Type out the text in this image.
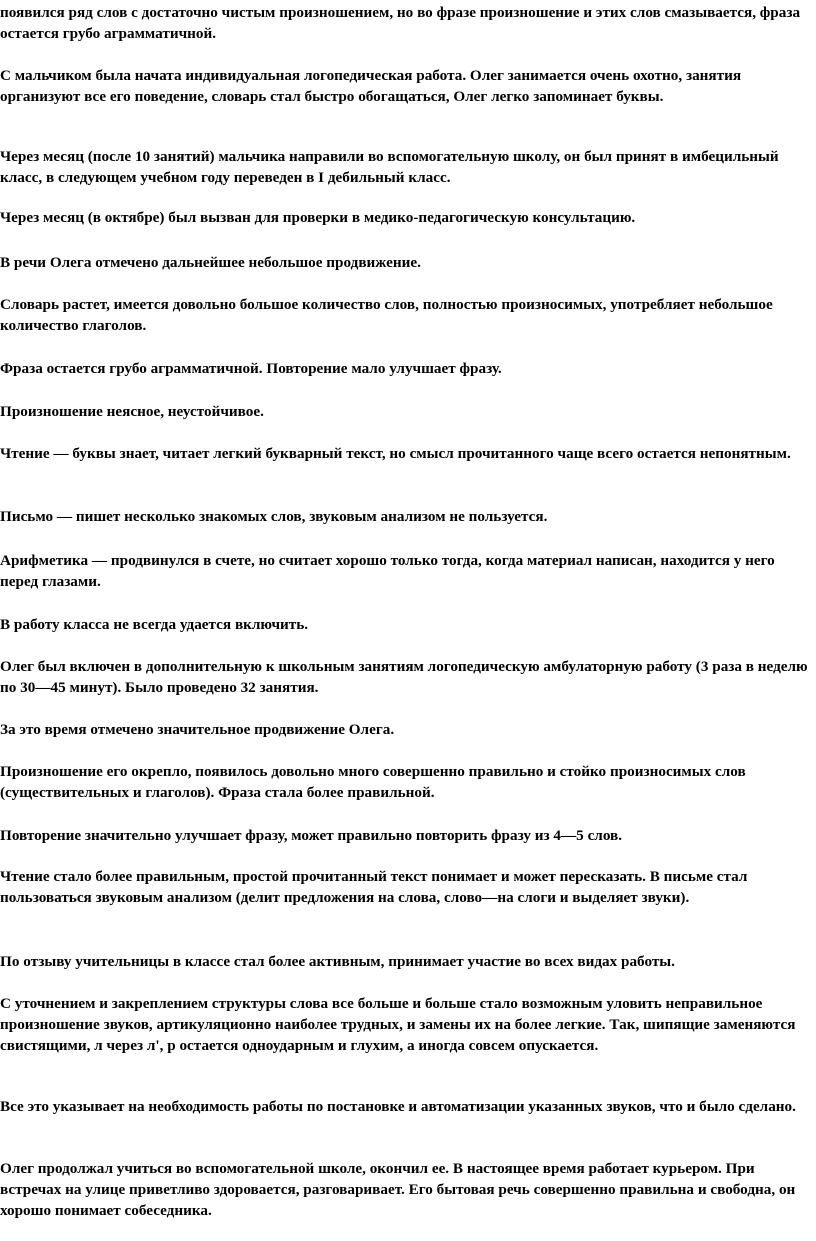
появился ряд слов с достаточно чистым произношением, но во фразе произношение и этих слов смазывается, фраза остается грубо аграмматичной.

С мальчиком была начата индивидуальная логопедическая работа. Олег занимается очень охотно, занятия организуют все его поведение, словарь стал быстро обогащаться, Олег легко запоминает буквы.

Через месяц (после 10 занятий) мальчика направили во вспомогательную школу, он был принят в имбецильный класс, в следующем учебном году переведен в I дебильный класс.

Через месяц (в октябре) был вызван для проверки в медико-педагогическую консультацию.

В речи Олега отмечено дальнейшее небольшое продвижение.

Словарь растет, имеется довольно большое количество слов, полностью произносимых, употребляет небольшое количество глаголов.

Фраза остается грубо аграмматичной. Повторение мало улучшает фразу.

Произношение неясное, неустойчивое.

Чтение — буквы знает, читает легкий букварный текст, но смысл прочитанного чаще всего остается непонятным.

Письмо — пишет несколько знакомых слов, звуковым анализом не пользуется.

Арифметика — продвинулся в счете, но считает хорошо только тогда, когда материал написан, находится у него перед глазами.

В работу класса не всегда удается включить.

Олег был включен в дополнительную к школьным занятиям логопедическую амбулаторную работу (3 раза в неделю по 30—45 минут). Было проведено 32 занятия.

За это время отмечено значительное продвижение Олега.

Произношение его окрепло, появилось довольно много совершенно правильно и стойко произносимых слов (существительных и глаголов). Фраза стала более правильной.

Повторение значительно улучшает фразу, может правильно повторить фразу из 4—5 слов.

Чтение стало более правильным, простой прочитанный текст понимает и может пересказать. В письме стал пользоваться звуковым анализом (делит предложения на слова, слово—на слоги и выделяет звуки).

По отзыву учительницы в классе стал более активным, принимает участие во всех видах работы.

С уточнением и закреплением структуры слова все больше и больше стало возможным уловить неправильное произношение звуков, артикуляционно наиболее трудных, и замены их на более легкие. Так, шипящие заменяются свистящими, л через л', р остается одноударным и глухим, а иногда совсем опускается.

Все это указывает на необходимость работы по постановке и автоматизации указанных звуков, что и было сделано.

Олег продолжал учиться во вспомогательной школе, окончил ее. В настоящее время работает курьером. При встречах на улице приветливо здоровается, разговаривает. Его бытовая речь совершенно правильна и свободна, он хорошо понимает собеседника.
